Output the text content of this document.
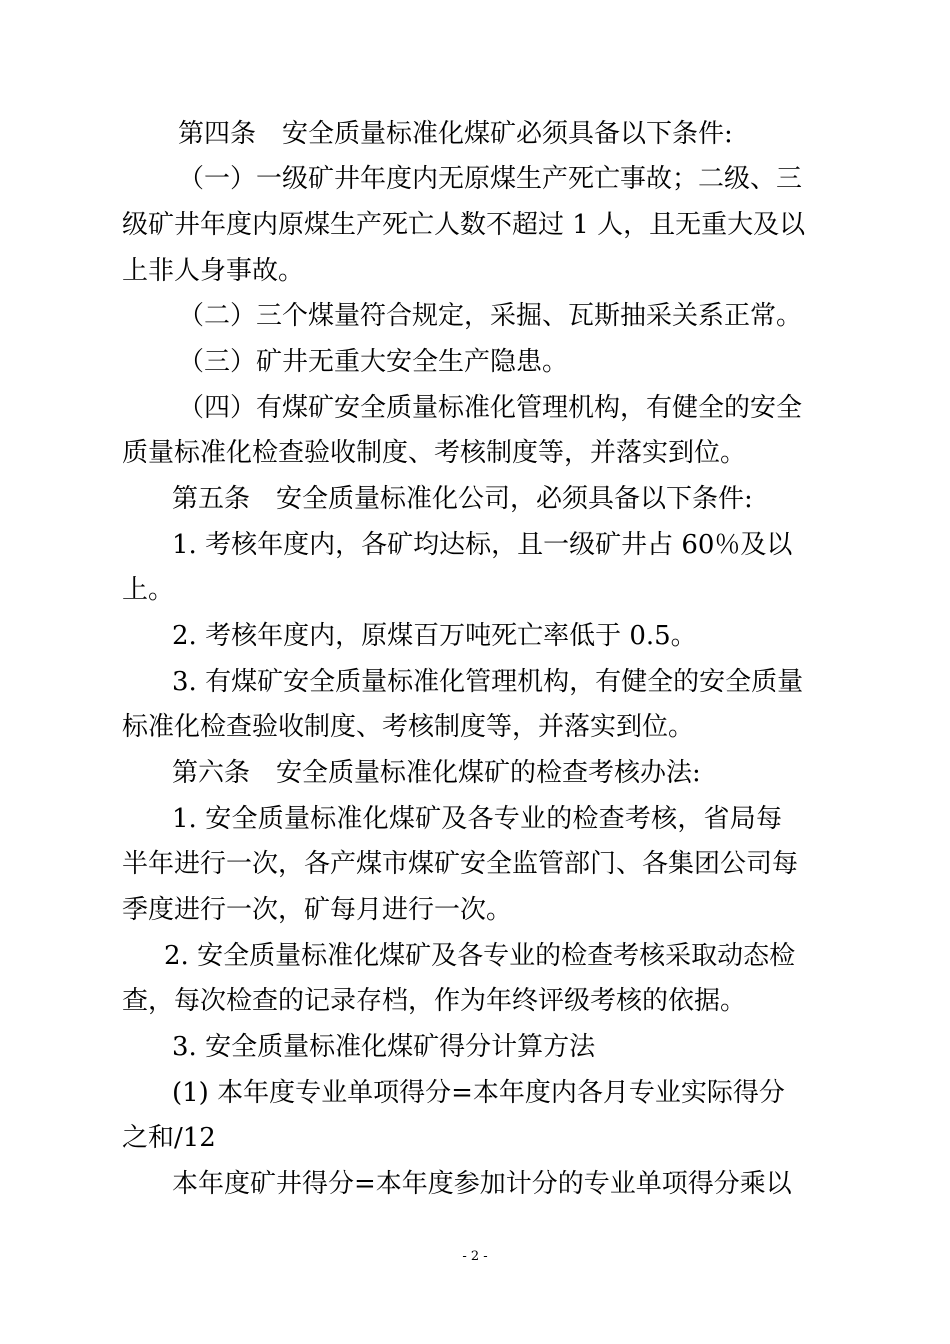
第四条　安全质量标准化煤矿必须具备以下条件:
（一）一级矿井年度内无原煤生产死亡事故；二级、三
级矿井年度内原煤生产死亡人数不超过 1 人，且无重大及以
上非人身事故。
（二）三个煤量符合规定，采掘、瓦斯抽采关系正常。
（三）矿井无重大安全生产隐患。
（四）有煤矿安全质量标准化管理机构，有健全的安全
质量标准化检查验收制度、考核制度等，并落实到位。
第五条　安全质量标准化公司，必须具备以下条件:
1. 考核年度内，各矿均达标，且一级矿井占 60％及以
上。
2. 考核年度内，原煤百万吨死亡率低于 0.5。
3. 有煤矿安全质量标准化管理机构，有健全的安全质量
标准化检查验收制度、考核制度等，并落实到位。
第六条　安全质量标准化煤矿的检查考核办法:
1. 安全质量标准化煤矿及各专业的检查考核，省局每
半年进行一次，各产煤市煤矿安全监管部门、各集团公司每
季度进行一次，矿每月进行一次。
2. 安全质量标准化煤矿及各专业的检查考核采取动态检
查，每次检查的记录存档，作为年终评级考核的依据。
3. 安全质量标准化煤矿得分计算方法
(1) 本年度专业单项得分=本年度内各月专业实际得分
之和/12
本年度矿井得分=本年度参加计分的专业单项得分乘以
- 2 -
